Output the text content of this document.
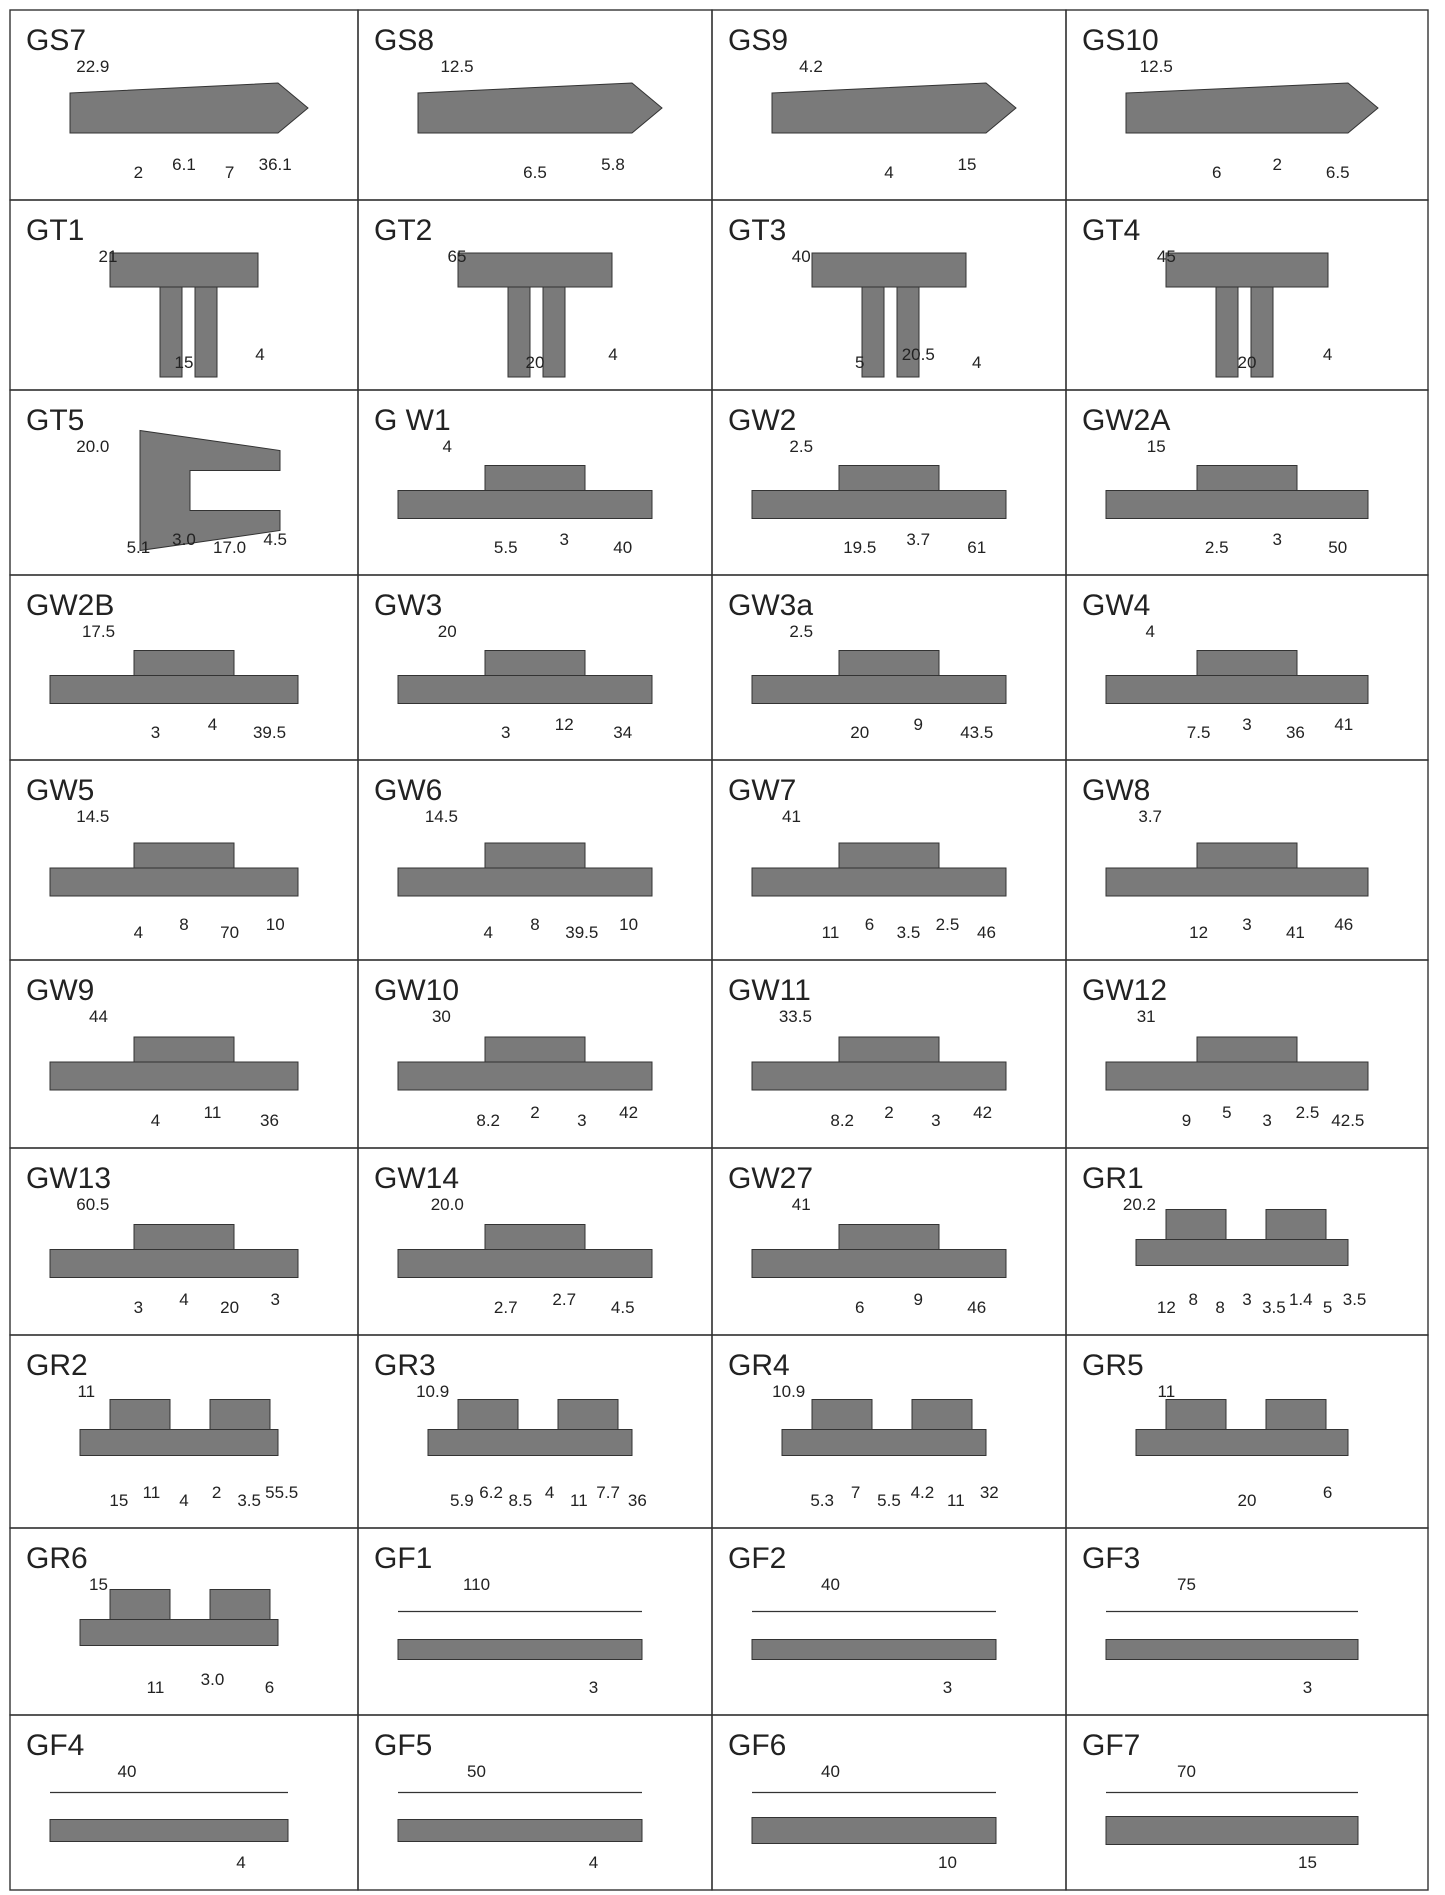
GS7
22.9
2 6.1 7 36.1
GS8
12.5
6.5	5.8
GS9
4.2
4	15
GS10
12.5
6	2	6.5
GT1
21
15	4
GT2
65
20	4
GT3
40
5 20.5 4
GT4
45
20	4
GT5
20.0
5.1 3.0 17.0 4.5
G W1
4
5.5 3	40
GW2
2.5
19.5 3.7 61
GW2A
15
2.5	3	50
GW2B
17.5
3	4 39.5
GW3
20
3	12 34
GW3a
2.5
20	9 43.5
GW4
4
7.5 3 36 41
GW5
14.5
4 8 70 10
GW6
14.5
4 8 39.5 10
GW7
41
11 6 3.5 2.5 46
GW8
3.7
12 3 41 46
GW9
44
4	11 36
GW10
30
8.2 2 3 42
GW11
33.5
8.2 2 3 42
GW12
31
9 5 3 2.5 42.5
GW13
60.5
3 4 20 3
GW14
20.0
2.7 2.7 4.5
GW27
41
6	9	46
GR1
20.2
12 8 8 3 3.5 1.4 5 3.5
GR2
11
15 11 4 2 3.5 55.5
GR3
10.9
5.9 6.2 8.5 4 11 7.7 36
GR4
10.9
5.3 7 5.5 4.2 11 32
GR5
11
20	6
GR6
15
11 3.0 6
GF1
110
3
GF2
40
3
GF3
75
3
GF4
40
4
GF5
50
4
GF6
40
10
GF7
70
15
